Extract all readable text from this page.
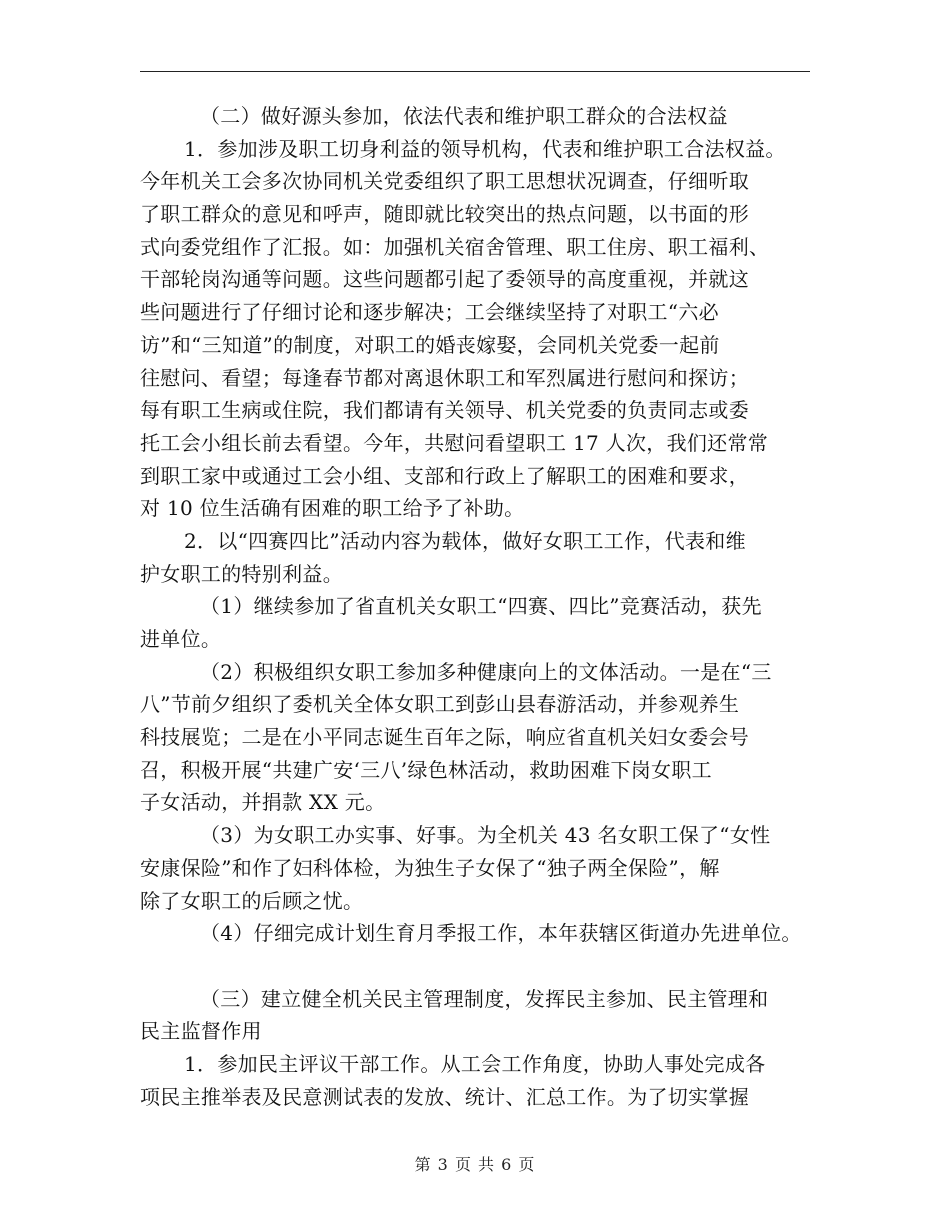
（二）做好源头参加，依法代表和维护职工群众的合法权益
1．参加涉及职工切身利益的领导机构，代表和维护职工合法权益。
今年机关工会多次协同机关党委组织了职工思想状况调查，仔细听取
了职工群众的意见和呼声，随即就比较突出的热点问题，以书面的形
式向委党组作了汇报。如：加强机关宿舍管理、职工住房、职工福利、
干部轮岗沟通等问题。这些问题都引起了委领导的高度重视，并就这
些问题进行了仔细讨论和逐步解决；工会继续坚持了对职工“六必
访”和“三知道”的制度，对职工的婚丧嫁娶，会同机关党委一起前
往慰问、看望；每逢春节都对离退休职工和军烈属进行慰问和探访；
每有职工生病或住院，我们都请有关领导、机关党委的负责同志或委
托工会小组长前去看望。今年，共慰问看望职工 17 人次，我们还常常
到职工家中或通过工会小组、支部和行政上了解职工的困难和要求，
对 10 位生活确有困难的职工给予了补助。
2．以“四赛四比”活动内容为载体，做好女职工工作，代表和维
护女职工的特别利益。
（1）继续参加了省直机关女职工“四赛、四比”竞赛活动，获先
进单位。
（2）积极组织女职工参加多种健康向上的文体活动。一是在“三
八”节前夕组织了委机关全体女职工到彭山县春游活动，并参观养生
科技展览；二是在小平同志诞生百年之际，响应省直机关妇女委会号
召，积极开展“共建广安‘三八’绿色林活动，救助困难下岗女职工
子女活动，并捐款 XX 元。
（3）为女职工办实事、好事。为全机关 43 名女职工保了“女性
安康保险”和作了妇科体检，为独生子女保了“独子两全保险”，解
除了女职工的后顾之忧。
（4）仔细完成计划生育月季报工作，本年获辖区街道办先进单位。
（三）建立健全机关民主管理制度，发挥民主参加、民主管理和
民主监督作用
1．参加民主评议干部工作。从工会工作角度，协助人事处完成各
项民主推举表及民意测试表的发放、统计、汇总工作。为了切实掌握
第 3 页 共 6 页
